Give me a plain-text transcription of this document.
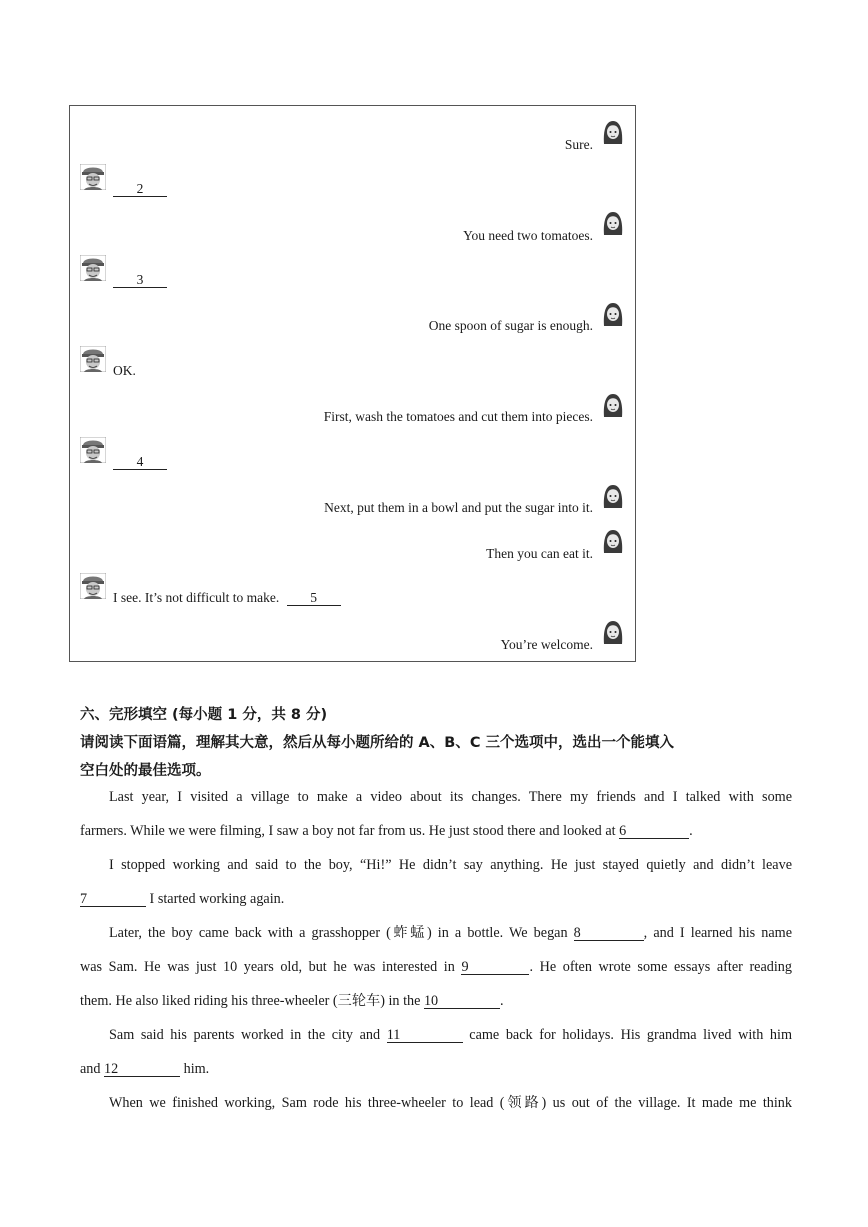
Sure.
2
You need two tomatoes.
3
One spoon of sugar is enough.
OK.
First, wash the tomatoes and cut them into pieces.
4
Next, put them in a bowl and put the sugar into it.
Then you can eat it.
I see. It’s not difficult to make. 5
You’re welcome.
六、完形填空 (每小题 1 分，共 8 分)
请阅读下面语篇，理解其大意，然后从每小题所给的 A、B、C 三个选项中，选出一个能填入
空白处的最佳选项。
Last year, I visited a village to make a video about its changes. There my friends and I talked with some
farmers. While we were filming, I saw a boy not far from us. He just stood there and looked at 6	.
I stopped working and said to the boy, “Hi!” He didn’t say anything. He just stayed quietly and didn’t leave
7	I started working again.
Later, the boy came back with a grasshopper (蚱蜢) in a bottle. We began 8	, and I learned his name
was Sam. He was just 10 years old, but he was interested in 9	. He often wrote some essays after reading
them. He also liked riding his three-wheeler (三轮车) in the 10	.
Sam said his parents worked in the city and 11	came back for holidays. His grandma lived with him
and 12	him.
When we finished working, Sam rode his three-wheeler to lead (领路) us out of the village. It made me think
